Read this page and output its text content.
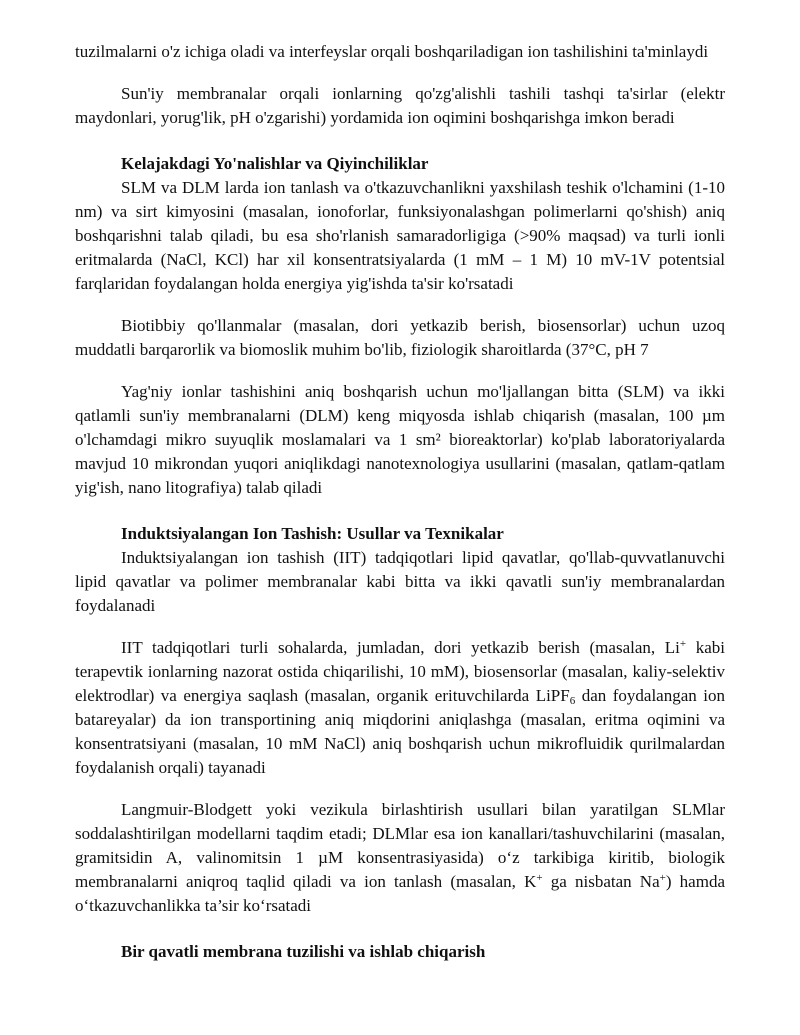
tuzilmalarni o'z ichiga oladi va interfeyslar orqali boshqariladigan ion tashilishini ta'minlaydi

Sun'iy membranalar orqali ionlarning qo'zg'alishli tashili tashqi ta'sirlar (elektr maydonlari, yorug'lik, pH o'zgarishi) yordamida ion oqimini boshqarishga imkon beradi

Kelajakdagi Yo'nalishlar va Qiyinchiliklar

SLM va DLM larda ion tanlash va o'tkazuvchanlikni yaxshilash teshik o'lchamini (1-10 nm) va sirt kimyosini (masalan, ionoforlar, funksiyonalashgan polimerlarni qo'shish) aniq boshqarishni talab qiladi, bu esa sho'rlanish samaradorligiga (>90% maqsad) va turli ionli eritmalarda (NaCl, KCl) har xil konsentratsiyalarda (1 mM – 1 M) 10 mV-1V potentsial farqlaridan foydalangan holda energiya yig'ishda ta'sir ko'rsatadi

Biotibbiy qo'llanmalar (masalan, dori yetkazib berish, biosensorlar) uchun uzoq muddatli barqarorlik va biomoslik muhim bo'lib, fiziologik sharoitlarda (37°C, pH 7

Yag'niy ionlar tashishini aniq boshqarish uchun mo'ljallangan bitta (SLM) va ikki qatlamli sun'iy membranalarni (DLM) keng miqyosda ishlab chiqarish (masalan, 100 µm o'lchamdagi mikro suyuqlik moslamalari va 1 sm² bioreaktorlar) ko'plab laboratoriyalarda mavjud 10 mikrondan yuqori aniqlikdagi nanotexnologiya usullarini (masalan, qatlam-qatlam yig'ish, nano litografiya) talab qiladi

Induktsiyalangan Ion Tashish: Usullar va Texnikalar

Induktsiyalangan ion tashish (IIT) tadqiqotlari lipid qavatlar, qo'llab-quvvatlanuvchi lipid qavatlar va polimer membranalar kabi bitta va ikki qavatli sun'iy membranalardan foydalanadi

IIT tadqiqotlari turli sohalarda, jumladan, dori yetkazib berish (masalan, Li+ kabi terapevtik ionlarning nazorat ostida chiqarilishi, 10 mM), biosensorlar (masalan, kaliy-selektiv elektrodlar) va energiya saqlash (masalan, organik erituvchilarda LiPF$_6$ dan foydalangan ion batareyalar) da ion transportining aniq miqdorini aniqlashga (masalan, eritma oqimini va konsentratsiyani (masalan, 10 mM NaCl) aniq boshqarish uchun mikrofluidik qurilmalardan foydalanish orqali) tayanadi

Langmuir-Blodgett yoki vezikula birlashtirish usullari bilan yaratilgan SLMlar soddalashtirilgan modellarni taqdim etadi; DLMlar esa ion kanallari/tashuvchilarini (masalan, gramitsidin A, valinomitsin 1 µM konsentrasiyasida) o‘z tarkibiga kiritib, biologik membranalarni aniqroq taqlid qiladi va ion tanlash (masalan, K+ ga nisbatan Na+) hamda o‘tkazuvchanlikka ta’sir ko‘rsatadi

Bir qavatli membrana tuzilishi va ishlab chiqarish
